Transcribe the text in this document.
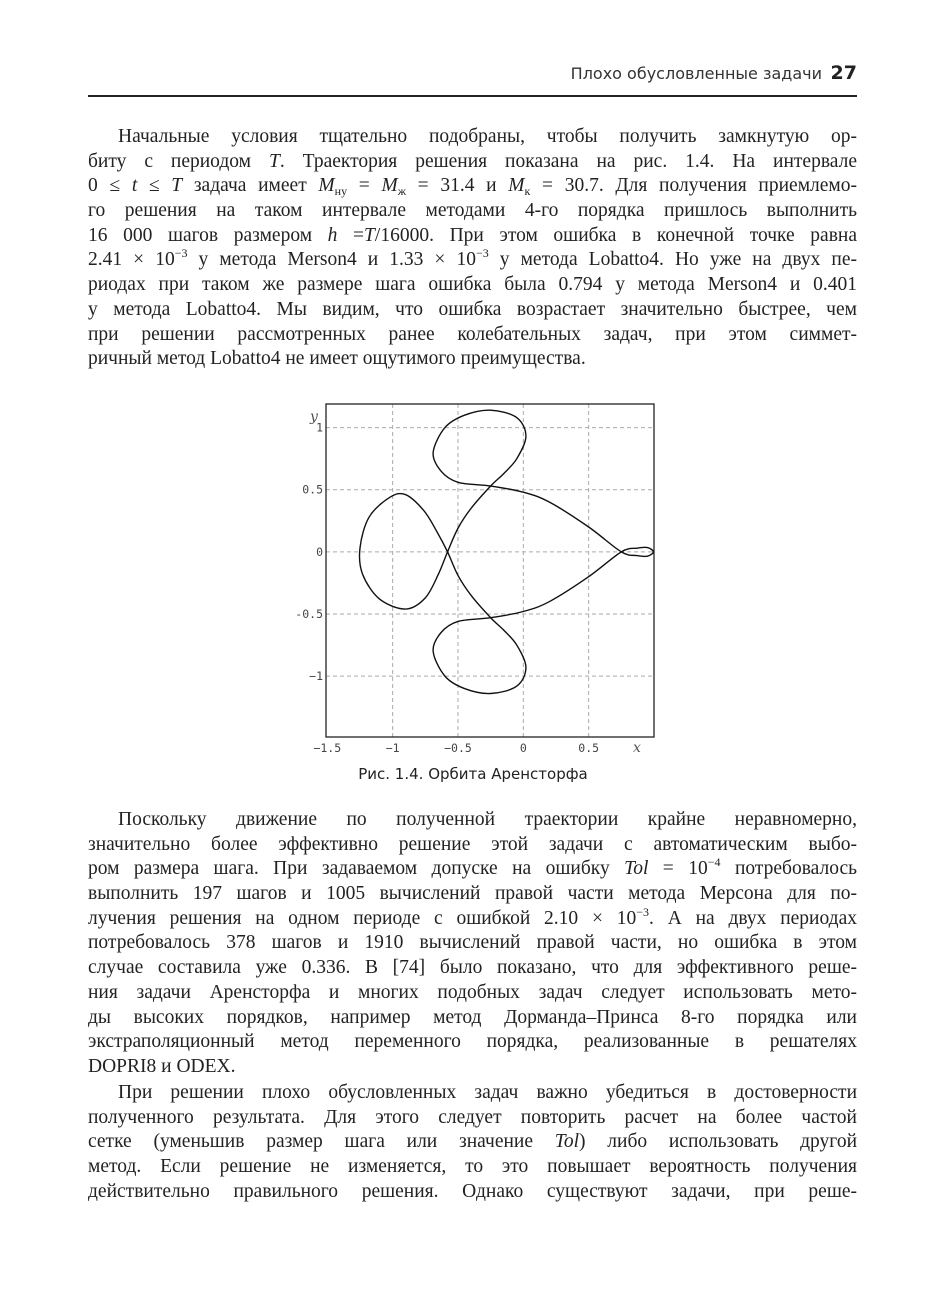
Плохо обусловленные задачи 27
Начальные условия тщательно подобраны, чтобы получить замкнутую ор-
биту с периодом T. Траектория решения показана на рис. 1.4. На интервале
0 ≤ t ≤ T задача имеет $M_{ну} = M_ж = 31.4$ и $M_к = 30.7$. Для получения приемлемо-
го решения на таком интервале методами 4-го порядка пришлось выполнить
16 000 шагов размером h =T/16000. При этом ошибка в конечной точке равна
$2.41 \times 10^{-3}$ у метода Merson4 и $1.33 \times 10^{-3}$ у метода Lobatto4. Но уже на двух пе-
риодах при таком же размере шага ошибка была 0.794 у метода Merson4 и 0.401
у метода Lobatto4. Мы видим, что ошибка возрастает значительно быстрее, чем
при решении рассмотренных ранее колебательных задач, при этом симмет-
ричный метод Lobatto4 не имеет ощутимого преимущества.
−1.5	−1	−0.5	0	0.5
1
0.5
0
-0.5
−1
y
x
Рис. 1.4. Орбита Аренсторфа
Поскольку движение по полученной траектории крайне неравномерно,
значительно более эффективно решение этой задачи с автоматическим выбо-
ром размера шага. При задаваемом допуске на ошибку Tol = $10^{-4}$ потребовалось
выполнить 197 шагов и 1005 вычислений правой части метода Мерсона для по-
лучения решения на одном периоде с ошибкой $2.10 \times 10^{-3}$. А на двух периодах
потребовалось 378 шагов и 1910 вычислений правой части, но ошибка в этом
случае составила уже 0.336. В [74] было показано, что для эффективного реше-
ния задачи Аренсторфа и многих подобных задач следует использовать мето-
ды высоких порядков, например метод Дорманда–Принса 8-го порядка или
экстраполяционный метод переменного порядка, реализованные в решателях
DOPRI8 и ODEX.
При решении плохо обусловленных задач важно убедиться в достоверности
полученного результата. Для этого следует повторить расчет на более частой
сетке (уменьшив размер шага или значение Tol) либо использовать другой
метод. Если решение не изменяется, то это повышает вероятность получения
действительно правильного решения. Однако существуют задачи, при реше-
